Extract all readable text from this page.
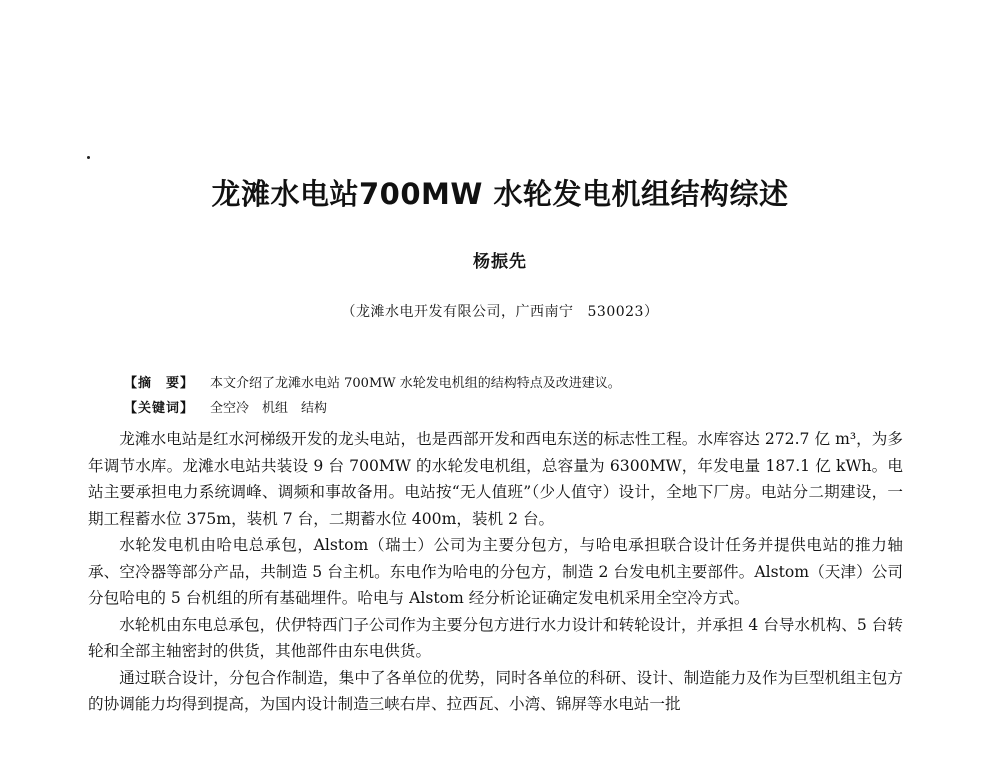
龙滩水电站700MW 水轮发电机组结构综述
杨振先
（龙滩水电开发有限公司，广西南宁 530023）
【摘　要】 本文介绍了龙滩水电站 700MW 水轮发电机组的结构特点及改进建议。
【关键词】 全空冷　机组　结构

龙滩水电站是红水河梯级开发的龙头电站，也是西部开发和西电东送的标志性工程。水库容达 272.7 亿 m³，为多年调节水库。龙滩水电站共装设 9 台 700MW 的水轮发电机组，总容量为 6300MW，年发电量 187.1 亿 kWh。电站主要承担电力系统调峰、调频和事故备用。电站按“无人值班”（少人值守）设计，全地下厂房。电站分二期建设，一期工程蓄水位 375m，装机 7 台，二期蓄水位 400m，装机 2 台。

水轮发电机由哈电总承包，Alstom（瑞士）公司为主要分包方，与哈电承担联合设计任务并提供电站的推力轴承、空冷器等部分产品，共制造 5 台主机。东电作为哈电的分包方，制造 2 台发电机主要部件。Alstom（天津）公司分包哈电的 5 台机组的所有基础埋件。哈电与 Alstom 经分析论证确定发电机采用全空冷方式。

水轮机由东电总承包，伏伊特西门子公司作为主要分包方进行水力设计和转轮设计，并承担 4 台导水机构、5 台转轮和全部主轴密封的供货，其他部件由东电供货。

通过联合设计，分包合作制造，集中了各单位的优势，同时各单位的科研、设计、制造能力及作为巨型机组主包方的协调能力均得到提高，为国内设计制造三峡右岸、拉西瓦、小湾、锦屏等水电站一批
